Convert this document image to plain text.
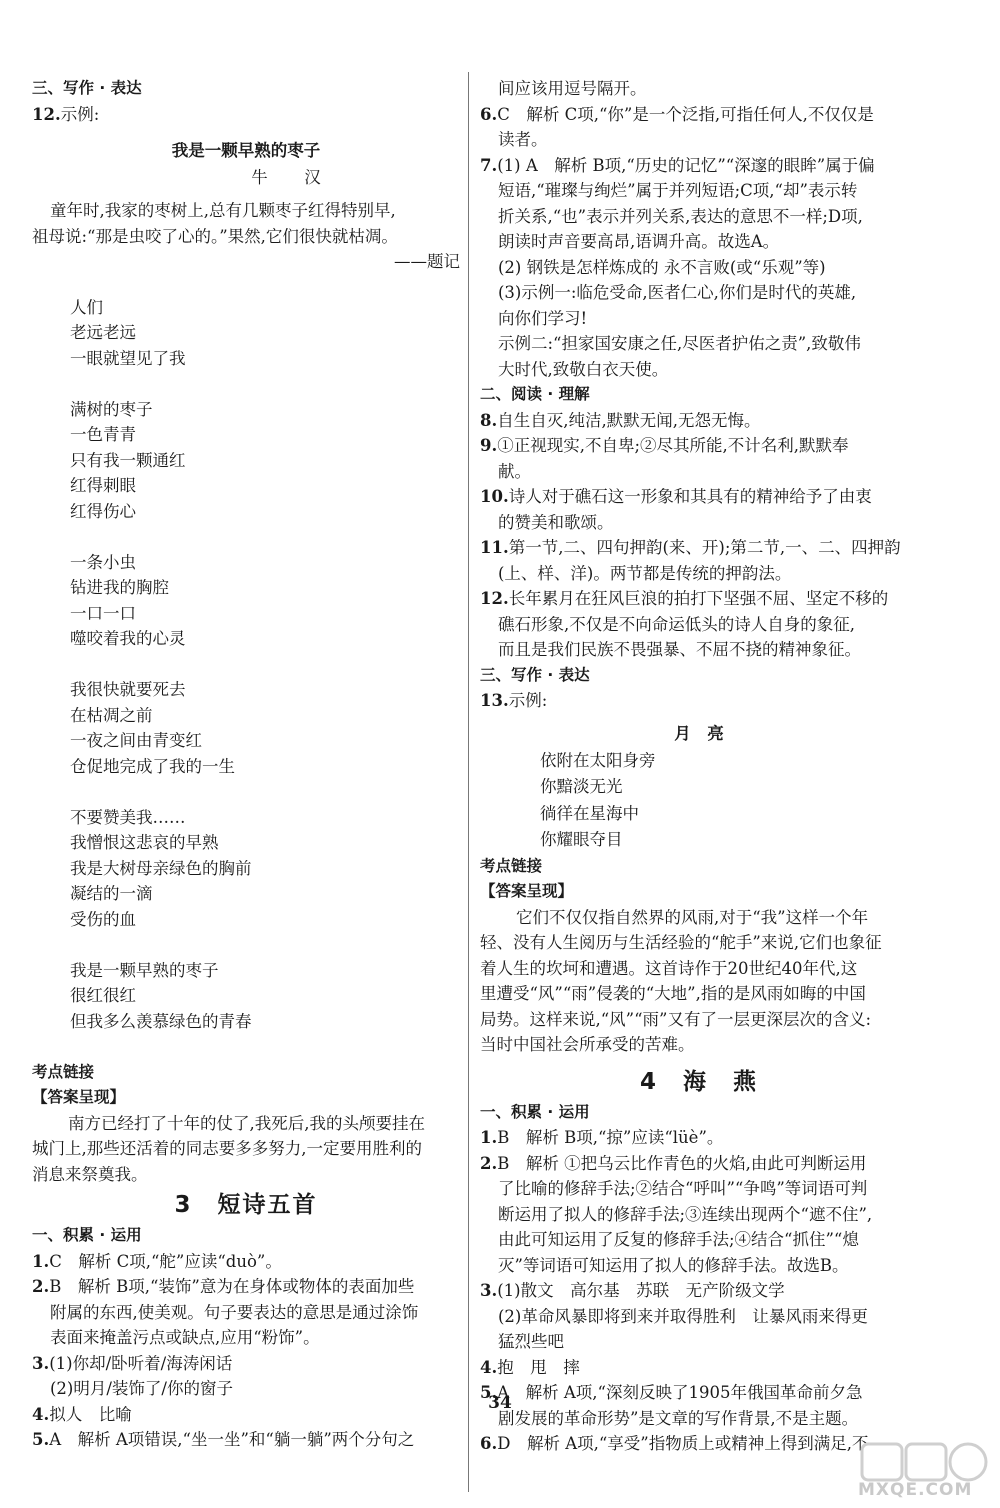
三、写作 · 表达
12.示例:
我是一颗早熟的枣子
牛　汉
童年时,我家的枣树上,总有几颗枣子红得特别早,
祖母说:“那是虫咬了心的。”果然,它们很快就枯凋。
——题记
人们
老远老远
一眼就望见了我
满树的枣子
一色青青
只有我一颗通红
红得刺眼
红得伤心
一条小虫
钻进我的胸腔
一口一口
噬咬着我的心灵
我很快就要死去
在枯凋之前
一夜之间由青变红
仓促地完成了我的一生
不要赞美我……
我憎恨这悲哀的早熟
我是大树母亲绿色的胸前
凝结的一滴
受伤的血
我是一颗早熟的枣子
很红很红
但我多么羡慕绿色的青春
考点链接
【答案呈现】
南方已经打了十年的仗了,我死后,我的头颅要挂在
城门上,那些还活着的同志要多多努力,一定要用胜利的
消息来祭奠我。
3　短诗五首
一、积累 · 运用
1.C　解析 C项,“舵”应读“duò”。
2.B　解析 B项,“装饰”意为在身体或物体的表面加些
附属的东西,使美观。句子要表达的意思是通过涂饰
表面来掩盖污点或缺点,应用“粉饰”。
3.(1)你却/卧听着/海涛闲话
(2)明月/装饰了/你的窗子
4.拟人　比喻
5.A　解析 A项错误,“坐一坐”和“躺一躺”两个分句之
间应该用逗号隔开。
6.C　解析 C项,“你”是一个泛指,可指任何人,不仅仅是
读者。
7.(1) A　解析 B项,“历史的记忆”“深邃的眼眸”属于偏
短语,“璀璨与绚烂”属于并列短语;C项,“却”表示转
折关系,“也”表示并列关系,表达的意思不一样;D项,
朗读时声音要高昂,语调升高。故选A。
(2) 钢铁是怎样炼成的 永不言败(或“乐观”等)
(3)示例一:临危受命,医者仁心,你们是时代的英雄,
向你们学习!
示例二:“担家国安康之任,尽医者护佑之责”,致敬伟
大时代,致敬白衣天使。
二、阅读 · 理解
8.自生自灭,纯洁,默默无闻,无怨无悔。
9.①正视现实,不自卑;②尽其所能,不计名利,默默奉
献。
10.诗人对于礁石这一形象和其具有的精神给予了由衷
的赞美和歌颂。
11.第一节,二、四句押韵(来、开);第二节,一、二、四押韵
(上、样、洋)。两节都是传统的押韵法。
12.长年累月在狂风巨浪的拍打下坚强不屈、坚定不移的
礁石形象,不仅是不向命运低头的诗人自身的象征,
而且是我们民族不畏强暴、不屈不挠的精神象征。
三、写作 · 表达
13.示例:
月　亮
依附在太阳身旁
你黯淡无光
徜徉在星海中
你耀眼夺目
考点链接
【答案呈现】
它们不仅仅指自然界的风雨,对于“我”这样一个年
轻、没有人生阅历与生活经验的“舵手”来说,它们也象征
着人生的坎坷和遭遇。这首诗作于20世纪40年代,这
里遭受“风”“雨”侵袭的“大地”,指的是风雨如晦的中国
局势。这样来说,“风”“雨”又有了一层更深层次的含义:
当时中国社会所承受的苦难。
4　海　燕
一、积累 · 运用
1.B　解析 B项,“掠”应读“lüè”。
2.B　解析 ①把乌云比作青色的火焰,由此可判断运用
了比喻的修辞手法;②结合“呼叫”“争鸣”等词语可判
断运用了拟人的修辞手法;③连续出现两个“遮不住”,
由此可知运用了反复的修辞手法;④结合“抓住”“熄
灭”等词语可知运用了拟人的修辞手法。故选B。
3.(1)散文　高尔基　苏联　无产阶级文学
(2)革命风暴即将到来并取得胜利　让暴风雨来得更
猛烈些吧
4.抱　甩　摔
5.A　解析 A项,“深刻反映了1905年俄国革命前夕急
剧发展的革命形势”是文章的写作背景,不是主题。
6.D　解析 A项,“享受”指物质上或精神上得到满足,不
34
MXQE.COM
